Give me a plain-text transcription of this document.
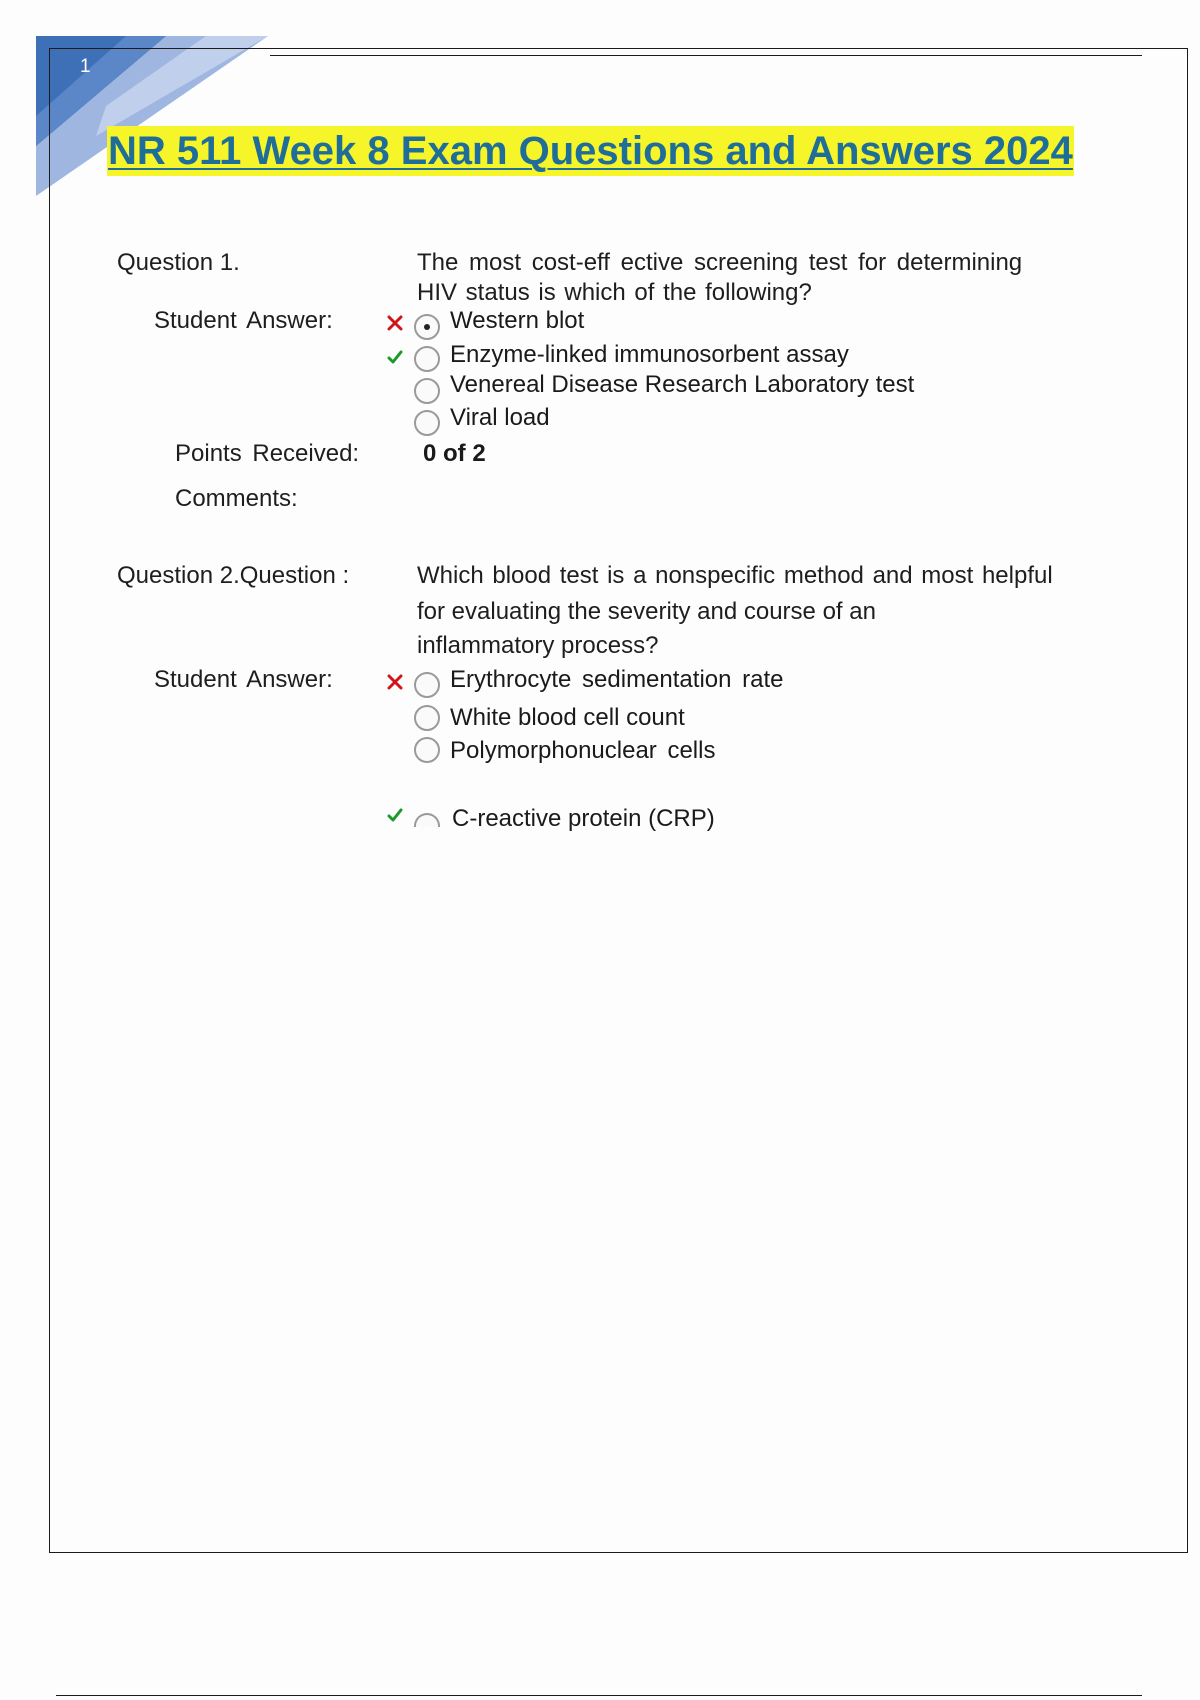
1
NR 511 Week 8 Exam Questions and Answers 2024
Question 1.	The most cost-eff ective screening test for determining
HIV status is which of the following?
Student Answer:	Western blot
Enzyme-linked immunosorbent assay
Venereal Disease Research Laboratory test
Viral load
Points Received:	0 of 2
Comments:
Question 2.Question :	Which blood test is a nonspecific method and most helpful
for evaluating the severity and course of an
inflammatory process?
Student Answer:	Erythrocyte sedimentation rate
White blood cell count
Polymorphonuclear cells
C-reactive protein (CRP)
